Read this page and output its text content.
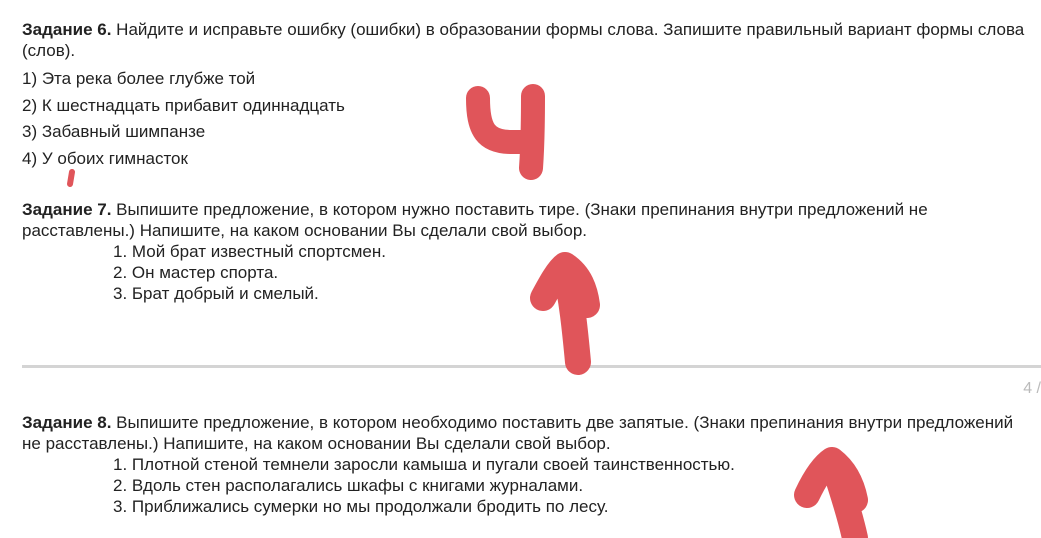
Задание 6. Найдите и исправьте ошибку (ошибки) в образовании формы слова. Запишите правильный вариант формы слова (слов).

1) Эта река более глубже той
2) К шестнадцать прибавит одиннадцать
3) Забавный шимпанзе
4) У обоих гимнасток

Задание 7. Выпишите предложение, в котором нужно поставить тире. (Знаки препинания внутри предложений не расставлены.) Напишите, на каком основании Вы сделали свой выбор.

1. Мой брат известный спортсмен.
2. Он мастер спорта.
3. Брат добрый и смелый.
4 /

Задание 8. Выпишите предложение, в котором необходимо поставить две запятые. (Знаки препинания внутри предложений не расставлены.) Напишите, на каком основании Вы сделали свой выбор.

1. Плотной стеной темнели заросли камыша и пугали своей таинственностью.
2. Вдоль стен располагались шкафы с книгами журналами.
3. Приближались сумерки но мы продолжали бродить по лесу.
